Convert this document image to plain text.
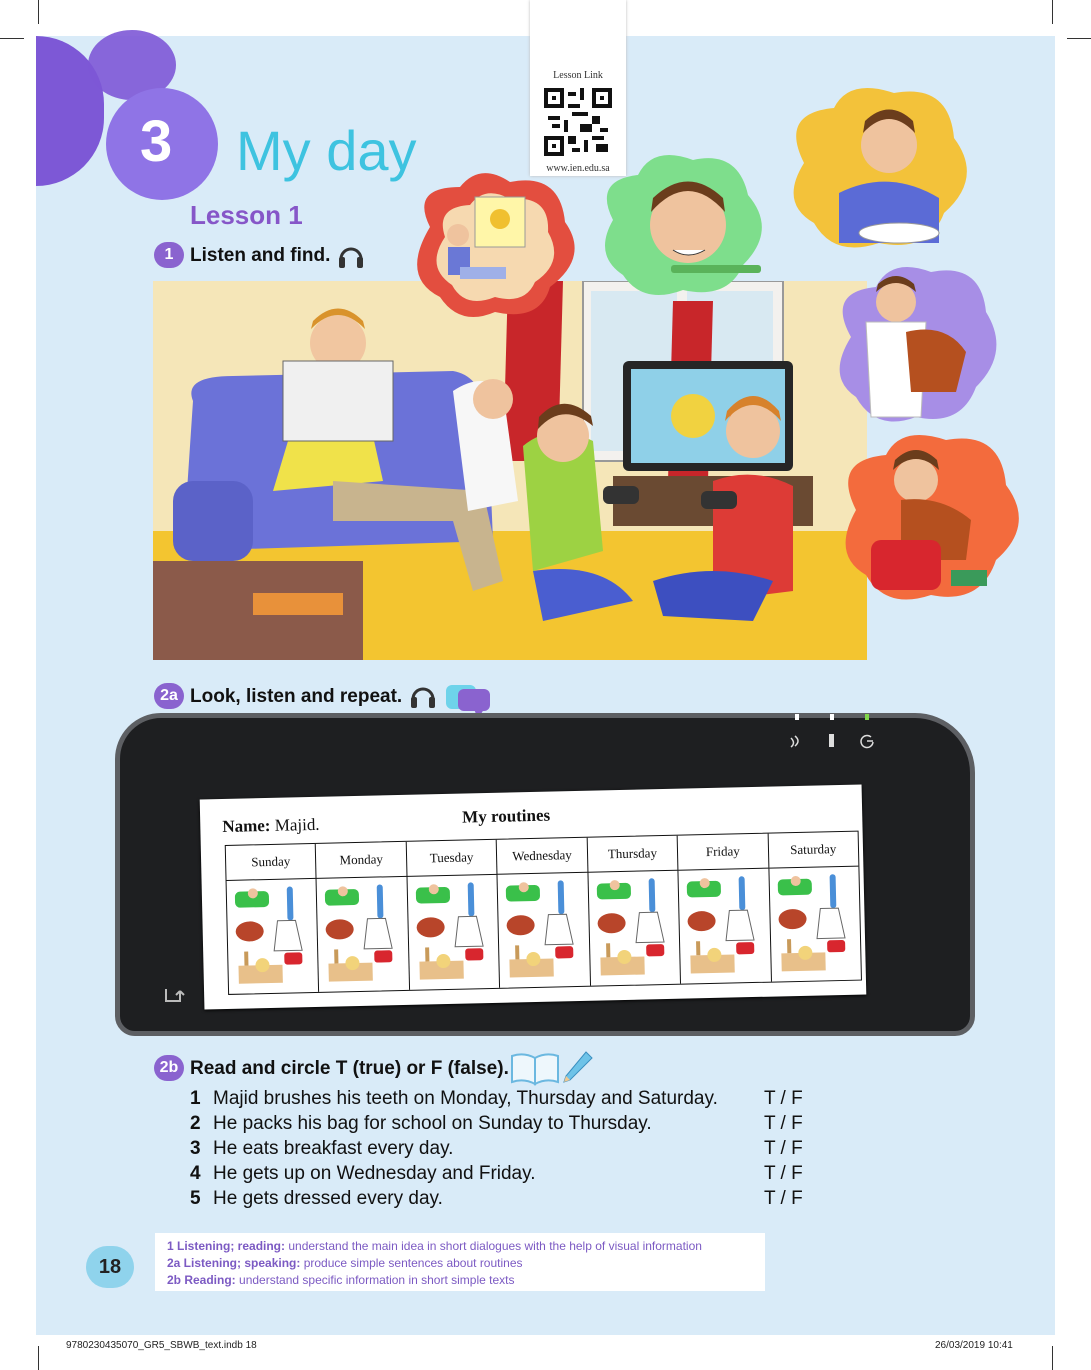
3 My day
Lesson Link
www.ien.edu.sa
Lesson 1
1 Listen and find.
2a Look, listen and repeat.
Name: Majid.	My routines
Sunday	Monday	Tuesday	Wednesday	Thursday	Friday	Saturday
2b Read and circle T (true) or F (false).
1 Majid brushes his teeth on Monday, Thursday and Saturday. T / F
2 He packs his bag for school on Sunday to Thursday.	T / F
3 He eats breakfast every day.	T / F
4 He gets up on Wednesday and Friday.	T / F
5 He gets dressed every day.	T / F
18
1 Listening; reading: understand the main idea in short dialogues with the help of visual information
2a Listening; speaking: produce simple sentences about routines
2b Reading: understand specific information in short simple texts
9780230435070_GR5_SBWB_text.indb 18	26/03/2019 10:41
